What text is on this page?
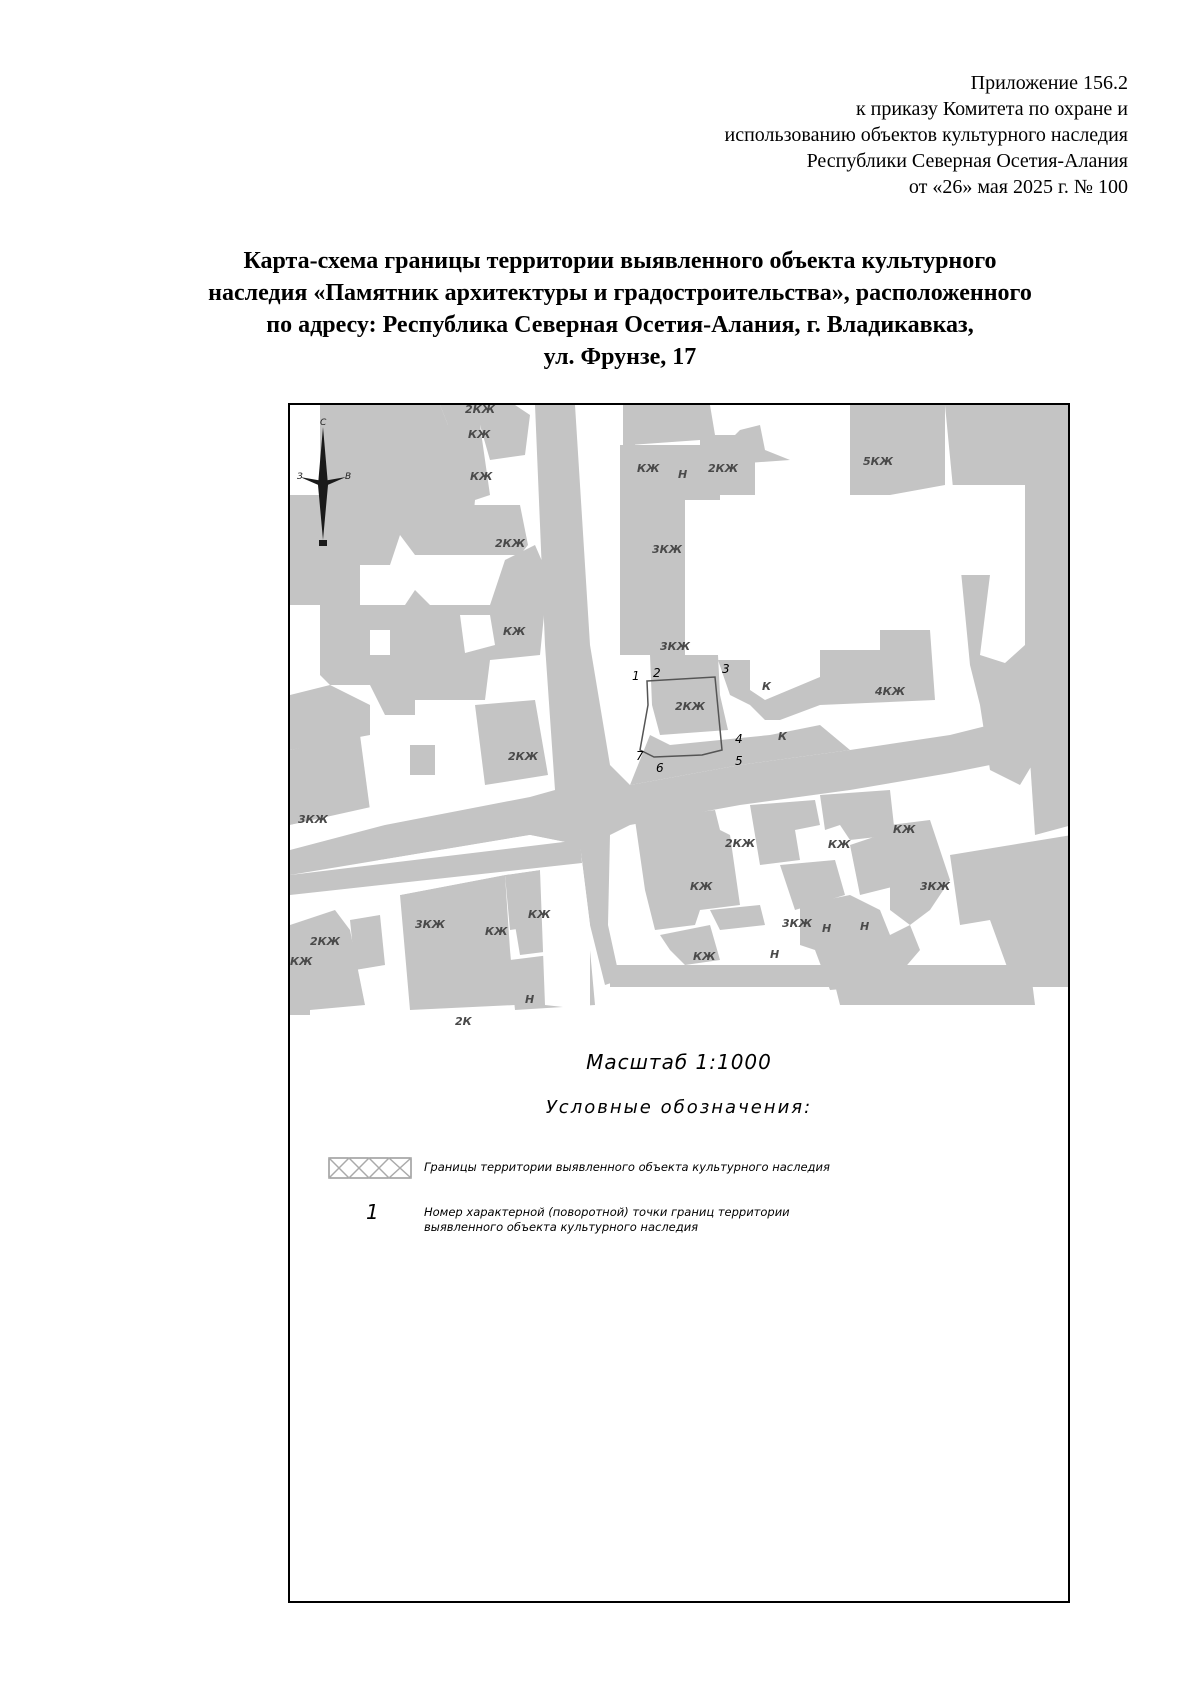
Приложение 156.2
к приказу Комитета по охране и
использованию объектов культурного наследия
Республики Северная Осетия-Алания
от «26» мая 2025 г. № 100
Карта-схема границы территории выявленного объекта культурного
наследия «Памятник архитектуры и градостроительства», расположенного
по адресу: Республика Северная Осетия-Алания, г. Владикавказ,
ул. Фрунзе, 17
С
З	В
2КЖ
КЖ
КЖ
КЖ Н 2КЖ
5КЖ
3КЖ
2КЖ
КЖ
3КЖ
2КЖ
К	4КЖ
К
2КЖ
3КЖ
2КЖ	КЖ
КЖ
КЖ	3КЖ
КЖ
3КЖ	Н	Н
КЖ
Н
2КЖ
3КЖ
КЖ
КЖ
Н
2К
1 2	3
4
5
6
7
Масштаб 1:1000
Условные обозначения:
Границы территории выявленного объекта культурного наследия
1	Номер характерной (поворотной) точки границ территории
выявленного объекта культурного наследия
